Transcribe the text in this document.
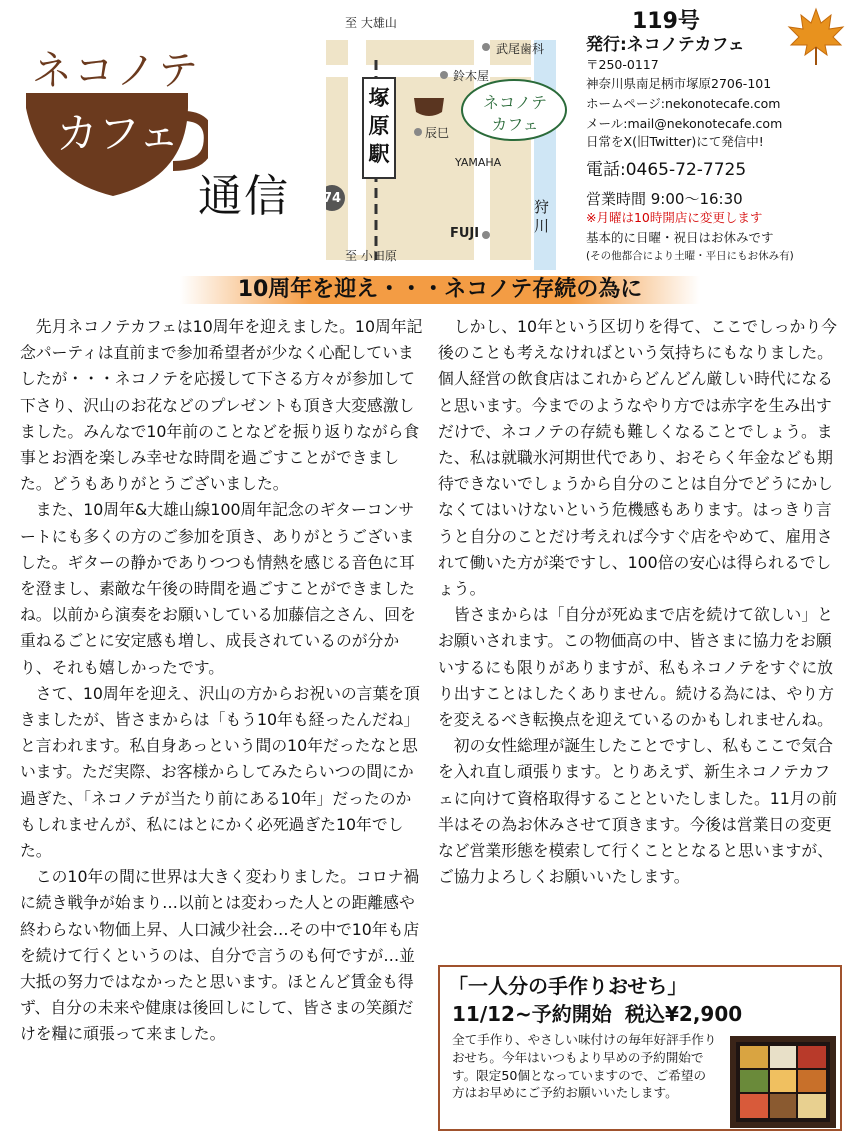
ネコノテ
カフェ
通信
至 大雄山
至 小田原
塚
原
駅
74
ネコノテ
カフェ
武尾歯科
鈴木屋
辰巳
YAMAHA
FUJI
狩
川
119号
発行:ネコノテカフェ
〒250-0117
神奈川県南足柄市塚原2706-101
ホームページ:nekonotecafe.com
メール:mail@nekonotecafe.com
日常をX(旧Twitter)にて発信中!
電話:0465-72-7725
営業時間 9:00〜16:30
※月曜は10時開店に変更します
基本的に日曜・祝日はお休みです
(その他都合により土曜・平日にもお休み有)
10周年を迎え・・・ネコノテ存続の為に

先月ネコノテカフェは10周年を迎えました。10周年記念パーティは直前まで参加希望者が少なく心配していましたが・・・ネコノテを応援して下さる方々が参加して下さり、沢山のお花などのプレゼントも頂き大変感激しました。みんなで10年前のことなどを振り返りながら食事とお酒を楽しみ幸せな時間を過ごすことができました。どうもありがとうございました。

また、10周年&大雄山線100周年記念のギターコンサートにも多くの方のご参加を頂き、ありがとうございました。ギターの静かでありつつも情熱を感じる音色に耳を澄まし、素敵な午後の時間を過ごすことができましたね。以前から演奏をお願いしている加藤信之さん、回を重ねるごとに安定感も増し、成長されているのが分かり、それも嬉しかったです。

さて、10周年を迎え、沢山の方からお祝いの言葉を頂きましたが、皆さまからは「もう10年も経ったんだね」と言われます。私自身あっという間の10年だったなと思います。ただ実際、お客様からしてみたらいつの間にか過ぎた、「ネコノテが当たり前にある10年」だったのかもしれませんが、私にはとにかく必死過ぎた10年でした。

この10年の間に世界は大きく変わりました。コロナ禍に続き戦争が始まり…以前とは変わった人との距離感や終わらない物価上昇、人口減少社会…その中で10年も店を続けて行くというのは、自分で言うのも何ですが…並大抵の努力ではなかったと思います。ほとんど賃金も得ず、自分の未来や健康は後回しにして、皆さまの笑顔だけを糧に頑張って来ました。

しかし、10年という区切りを得て、ここでしっかり今後のことも考えなければという気持ちにもなりました。個人経営の飲食店はこれからどんどん厳しい時代になると思います。今までのようなやり方では赤字を生み出すだけで、ネコノテの存続も難しくなることでしょう。また、私は就職氷河期世代であり、おそらく年金なども期待できないでしょうから自分のことは自分でどうにかしなくてはいけないという危機感もあります。はっきり言うと自分のことだけ考えれば今すぐ店をやめて、雇用されて働いた方が楽ですし、100倍の安心は得られるでしょう。

皆さまからは「自分が死ぬまで店を続けて欲しい」とお願いされます。この物価高の中、皆さまに協力をお願いするにも限りがありますが、私もネコノテをすぐに放り出すことはしたくありません。続ける為には、やり方を変えるべき転換点を迎えているのかもしれませんね。

初の女性総理が誕生したことですし、私もここで気合を入れ直し頑張ります。とりあえず、新生ネコノテカフェに向けて資格取得することといたしました。11月の前半はその為お休みさせて頂きます。今後は営業日の変更など営業形態を模索して行くこととなると思いますが、ご協力よろしくお願いいたします。

「一人分の手作りおせち」
11/12~予約開始 税込¥2,900

全て手作り、やさしい味付けの毎年好評手作りおせち。今年はいつもより早めの予約開始です。限定50個となっていますので、ご希望の方はお早めにご予約お願いいたします。
